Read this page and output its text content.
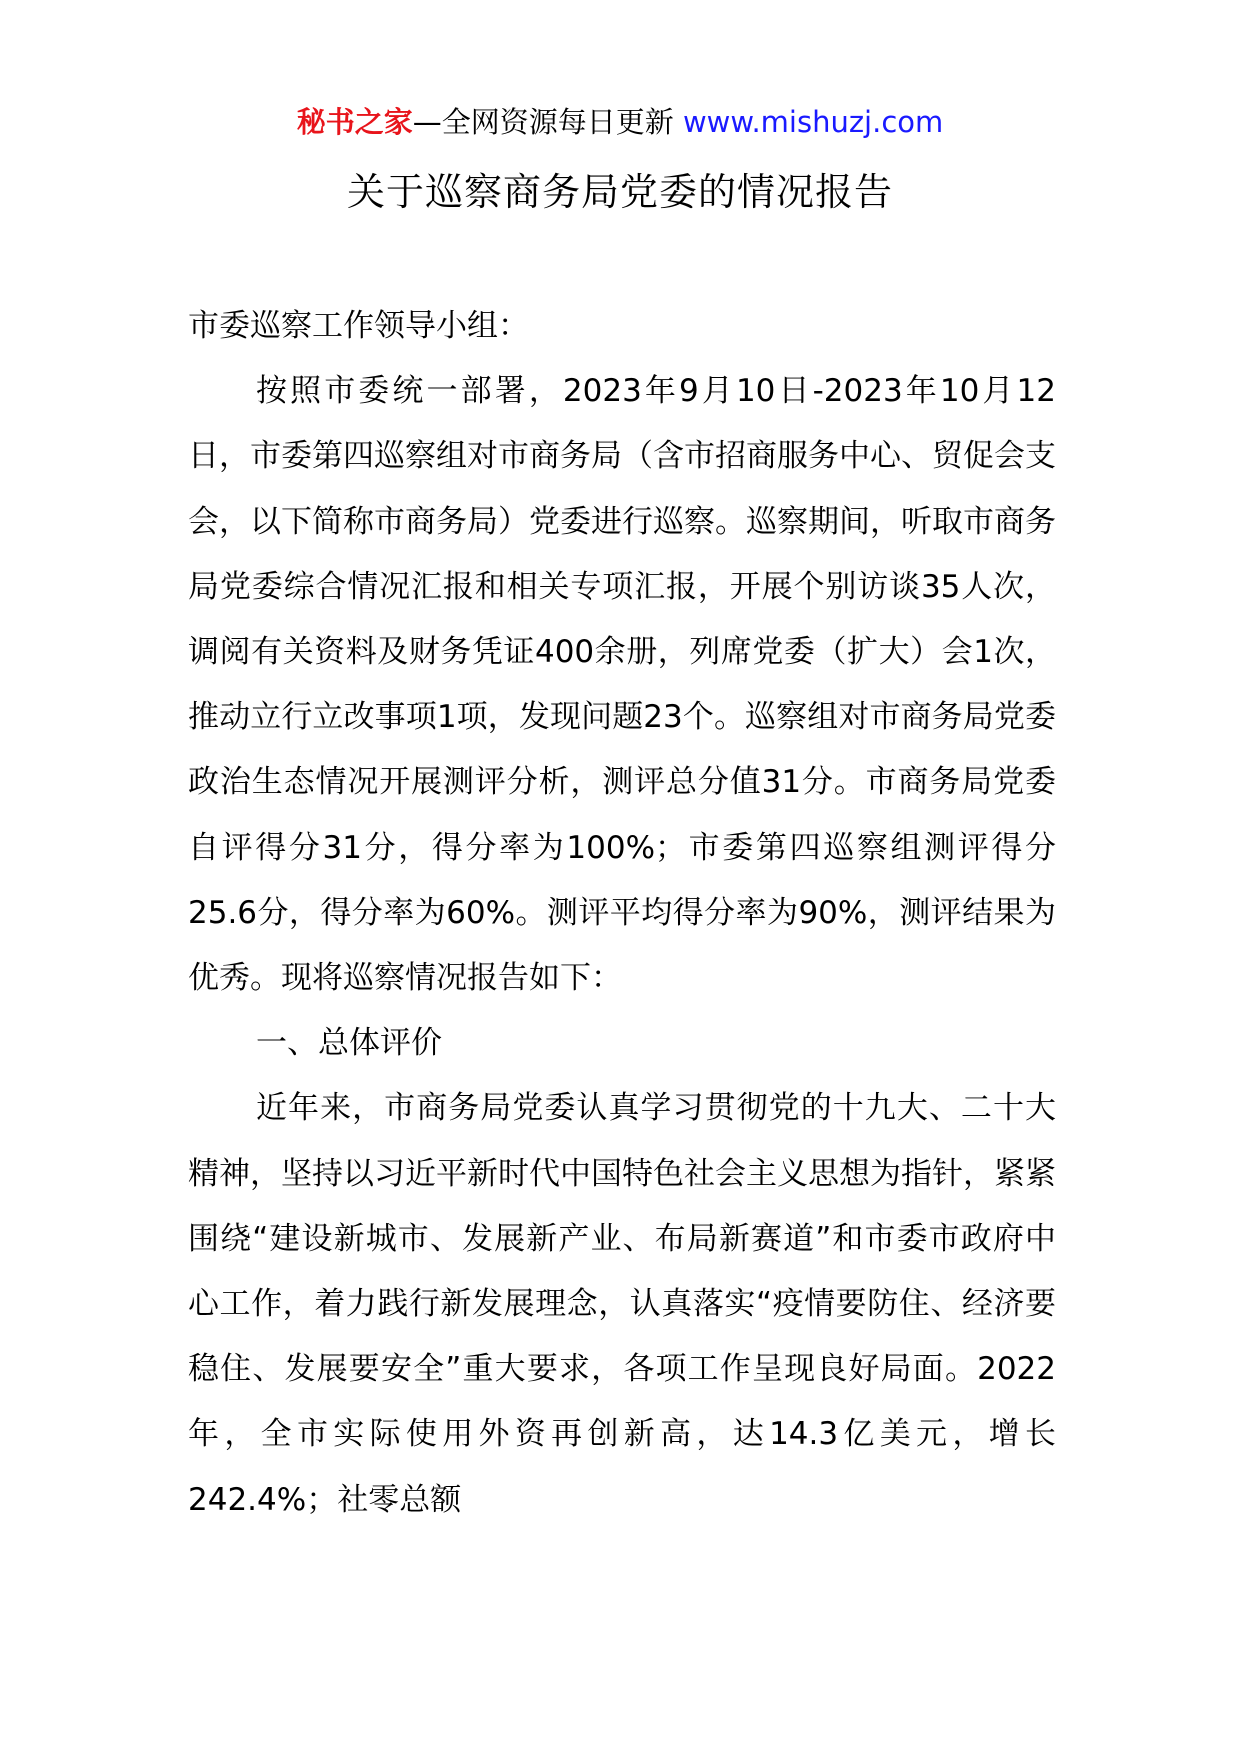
秘书之家—全网资源每日更新 www.mishuzj.com
关于巡察商务局党委的情况报告

市委巡察工作领导小组：

按照市委统一部署，2023年9月10日-2023年10月12日，市委第四巡察组对市商务局（含市招商服务中心、贸促会支会，以下简称市商务局）党委进行巡察。巡察期间，听取市商务局党委综合情况汇报和相关专项汇报，开展个别访谈35人次，调阅有关资料及财务凭证400余册，列席党委（扩大）会1次，推动立行立改事项1项，发现问题23个。巡察组对市商务局党委政治生态情况开展测评分析，测评总分值31分。市商务局党委自评得分31分，得分率为100%；市委第四巡察组测评得分25.6分，得分率为60%。测评平均得分率为90%，测评结果为优秀。现将巡察情况报告如下：

一、总体评价

近年来，市商务局党委认真学习贯彻党的十九大、二十大精神，坚持以习近平新时代中国特色社会主义思想为指针，紧紧围绕“建设新城市、发展新产业、布局新赛道”和市委市政府中心工作，着力践行新发展理念，认真落实“疫情要防住、经济要稳住、发展要安全”重大要求，各项工作呈现良好局面。2022年，全市实际使用外资再创新高，达14.3亿美元，增长242.4%；社零总额
